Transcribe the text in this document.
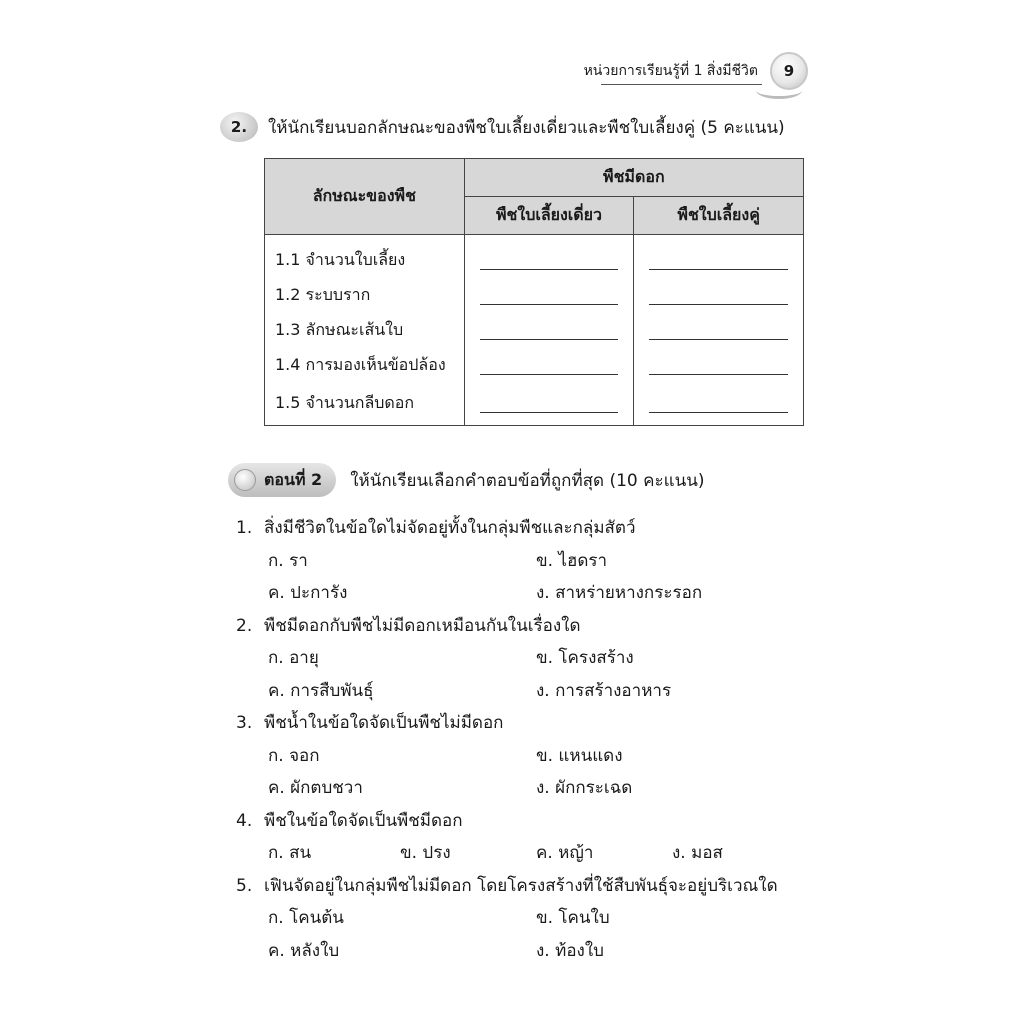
หน่วยการเรียนรู้ที่ 1 สิ่งมีชีวิต	9
2.	ให้นักเรียนบอกลักษณะของพืชใบเลี้ยงเดี่ยวและพืชใบเลี้ยงคู่ (5 คะแนน)
ลักษณะของพืช	พืชมีดอก	
	พืชใบเลี้ยงเดี่ยว	พืชใบเลี้ยงคู่
1.1 จำนวนใบเลี้ยง	

1.2 ระบบราก	

1.3 ลักษณะเส้นใบ	

1.4 การมองเห็นข้อปล้อง	

1.5 จำนวนกลีบดอก	

ตอนที่ 2 ให้นักเรียนเลือกคำตอบข้อที่ถูกที่สุด (10 คะแนน)
1. สิ่งมีชีวิตในข้อใดไม่จัดอยู่ทั้งในกลุ่มพืชและกลุ่มสัตว์
ก. รา	ข. ไฮดรา
ค. ปะการัง	ง. สาหร่ายหางกระรอก
2. พืชมีดอกกับพืชไม่มีดอกเหมือนกันในเรื่องใด
ก. อายุ	ข. โครงสร้าง
ค. การสืบพันธุ์	ง. การสร้างอาหาร
3. พืชน้ำในข้อใดจัดเป็นพืชไม่มีดอก
ก. จอก	ข. แหนแดง
ค. ผักตบชวา	ง. ผักกระเฉด
4. พืชในข้อใดจัดเป็นพืชมีดอก
ก. สน	ข. ปรง	ค. หญ้า	ง. มอส
5. เฟินจัดอยู่ในกลุ่มพืชไม่มีดอก โดยโครงสร้างที่ใช้สืบพันธุ์จะอยู่บริเวณใด
ก. โคนต้น	ข. โคนใบ
ค. หลังใบ	ง. ท้องใบ
